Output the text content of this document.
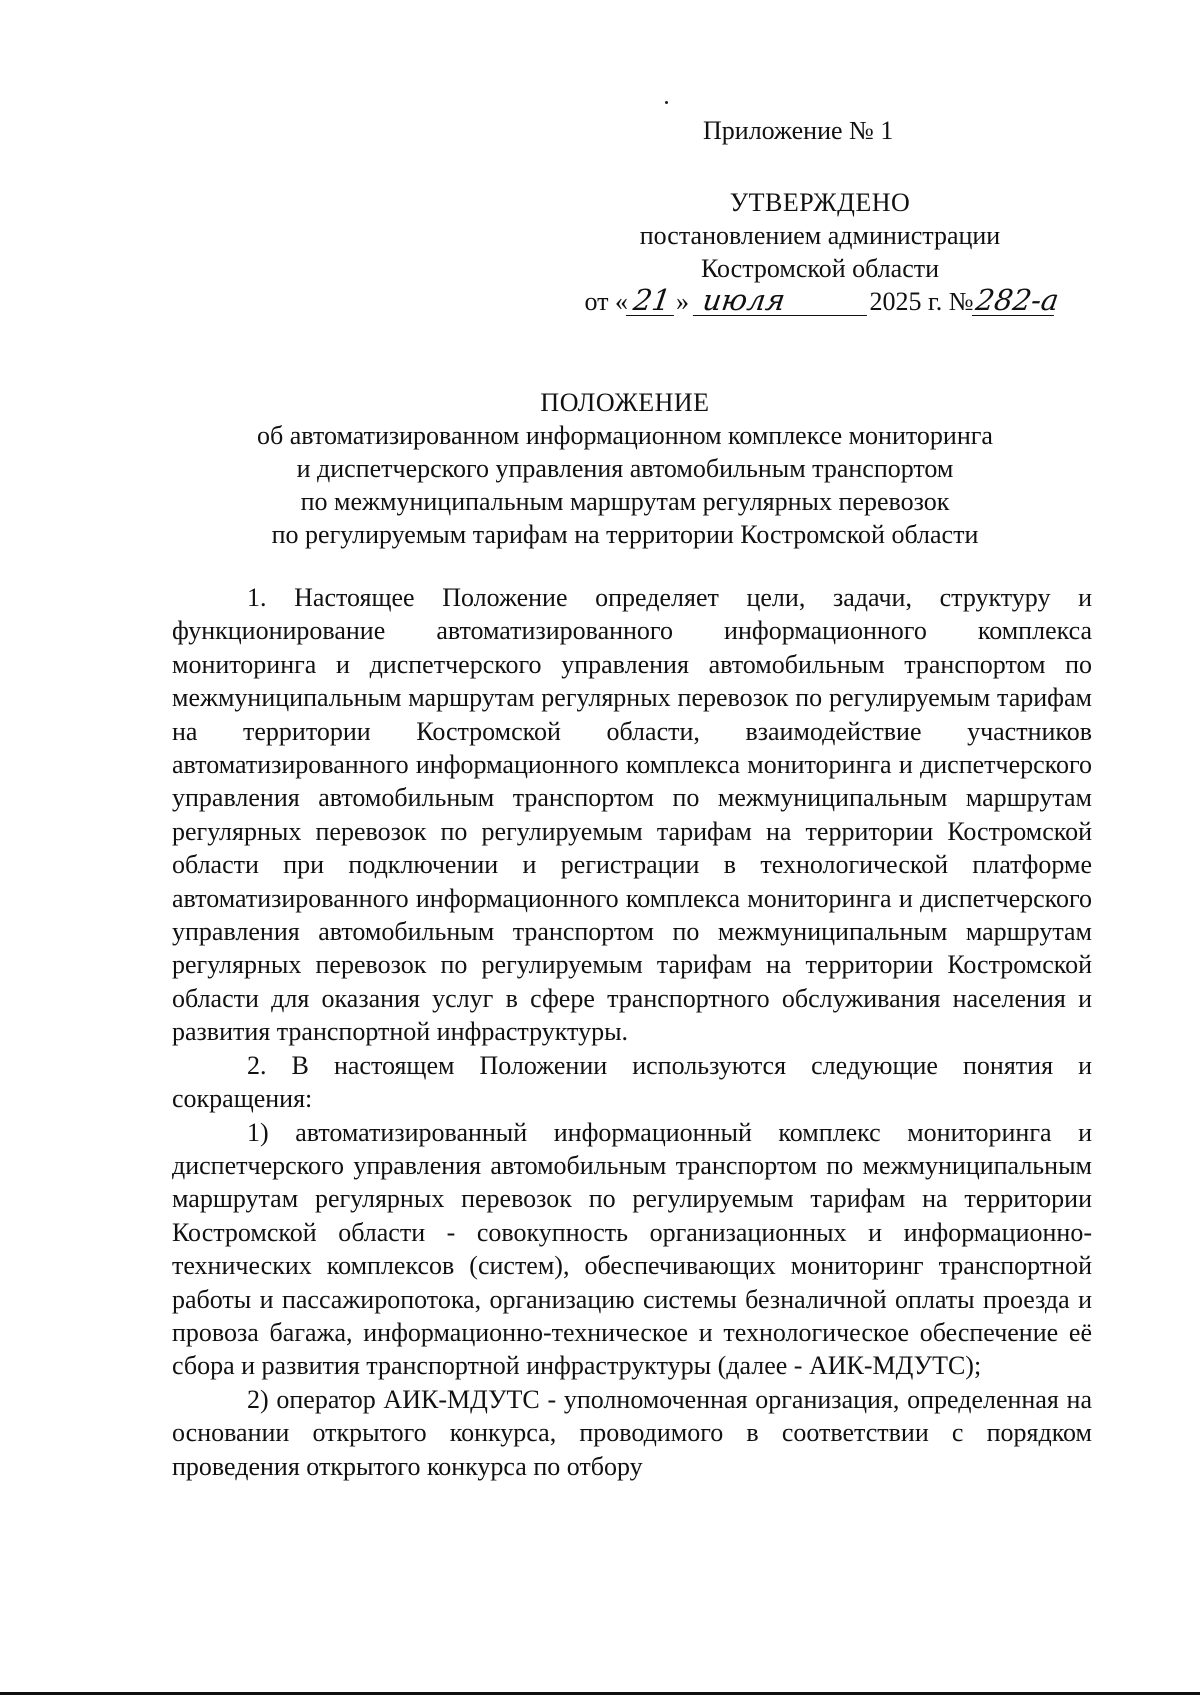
Приложение № 1
УТВЕРЖДЕНО
постановлением администрации
Костромской области
от « 21 » июля	2025 г. №282-а
ПОЛОЖЕНИЕ
об автоматизированном информационном комплексе мониторинга
и диспетчерского управления автомобильным транспортом
по межмуниципальным маршрутам регулярных перевозок
по регулируемым тарифам на территории Костромской области

1. Настоящее Положение определяет цели, задачи, структуру и функционирование автоматизированного информационного комплекса мониторинга и диспетчерского управления автомобильным транспортом по межмуниципальным маршрутам регулярных перевозок по регулируемым тарифам на территории Костромской области, взаимодействие участников автоматизированного информационного комплекса мониторинга и диспетчерского управления автомобильным транспортом по межмуниципальным маршрутам регулярных перевозок по регулируемым тарифам на территории Костромской области при подключении и регистрации в технологической платформе автоматизированного информационного комплекса мониторинга и диспетчерского управления автомобильным транспортом по межмуниципальным маршрутам регулярных перевозок по регулируемым тарифам на территории Костромской области для оказания услуг в сфере транспортного обслуживания населения и развития транспортной инфраструктуры.

2. В настоящем Положении используются следующие понятия и сокращения:

1) автоматизированный информационный комплекс мониторинга и диспетчерского управления автомобильным транспортом по межмуниципальным маршрутам регулярных перевозок по регулируемым тарифам на территории Костромской области - совокупность организационных и информационно-технических комплексов (систем), обеспечивающих мониторинг транспортной работы и пассажиропотока, организацию системы безналичной оплаты проезда и провоза багажа, информационно-техническое и технологическое обеспечение её сбора и развития транспортной инфраструктуры (далее - АИК-МДУТС);

2) оператор АИК-МДУТС - уполномоченная организация, определенная на основании открытого конкурса, проводимого в соответствии с порядком проведения открытого конкурса по отбору
